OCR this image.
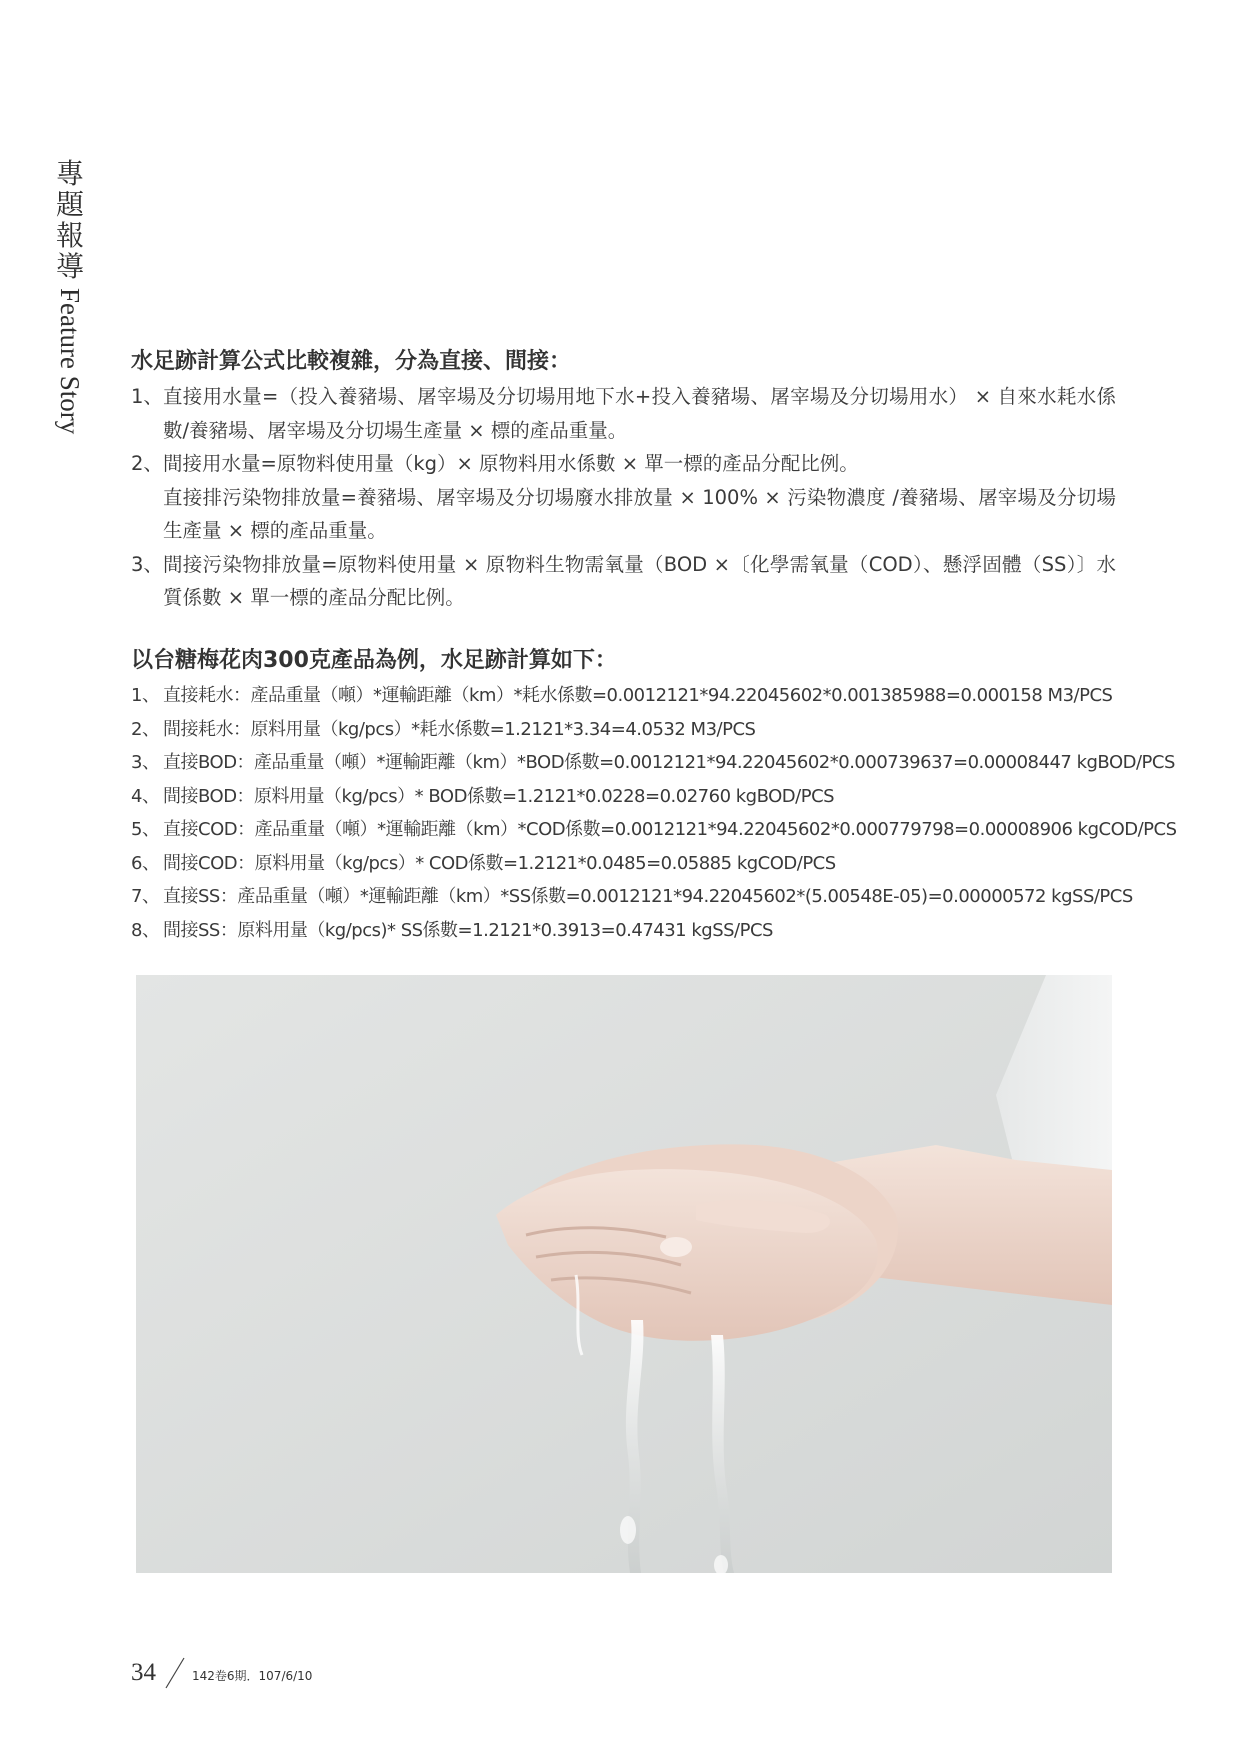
專
題
報
導
Feature Story 水足跡計算公式比較複雜，分為直接、間接：
1、 直接用水量=（投入養豬場、屠宰場及分切場用地下水+投入養豬場、屠宰場及分切場用水） × 自來水耗水係數/養豬場、屠宰場及分切場生產量 × 標的產品重量。
2、 間接用水量=原物料使用量（kg）× 原物料用水係數 × 單一標的產品分配比例。
直接排污染物排放量=養豬場、屠宰場及分切場廢水排放量 × 100% × 污染物濃度 /養豬場、屠宰場及分切場生產量 × 標的產品重量。
3、 間接污染物排放量=原物料使用量 × 原物料生物需氧量（BOD ×〔化學需氧量（COD）、懸浮固體（SS）〕水質係數 × 單一標的產品分配比例。
以台糖梅花肉300克產品為例，水足跡計算如下：
1、 直接耗水：產品重量（噸）*運輸距離（km）*耗水係數=0.0012121*94.22045602*0.001385988=0.000158 M3/PCS
2、 間接耗水：原料用量（kg/pcs）*耗水係數=1.2121*3.34=4.0532 M3/PCS
3、 直接BOD：產品重量（噸）*運輸距離（km）*BOD係數=0.0012121*94.22045602*0.000739637=0.00008447 kgBOD/PCS
4、 間接BOD：原料用量（kg/pcs）* BOD係數=1.2121*0.0228=0.02760 kgBOD/PCS
5、 直接COD：產品重量（噸）*運輸距離（km）*COD係數=0.0012121*94.22045602*0.000779798=0.00008906 kgCOD/PCS
6、 間接COD：原料用量（kg/pcs）* COD係數=1.2121*0.0485=0.05885 kgCOD/PCS
7、 直接SS：產品重量（噸）*運輸距離（km）*SS係數=0.0012121*94.22045602*(5.00548E-05)=0.00000572 kgSS/PCS
8、 間接SS：原料用量（kg/pcs)* SS係數=1.2121*0.3913=0.47431 kgSS/PCS
34	142卷6期．107/6/10
